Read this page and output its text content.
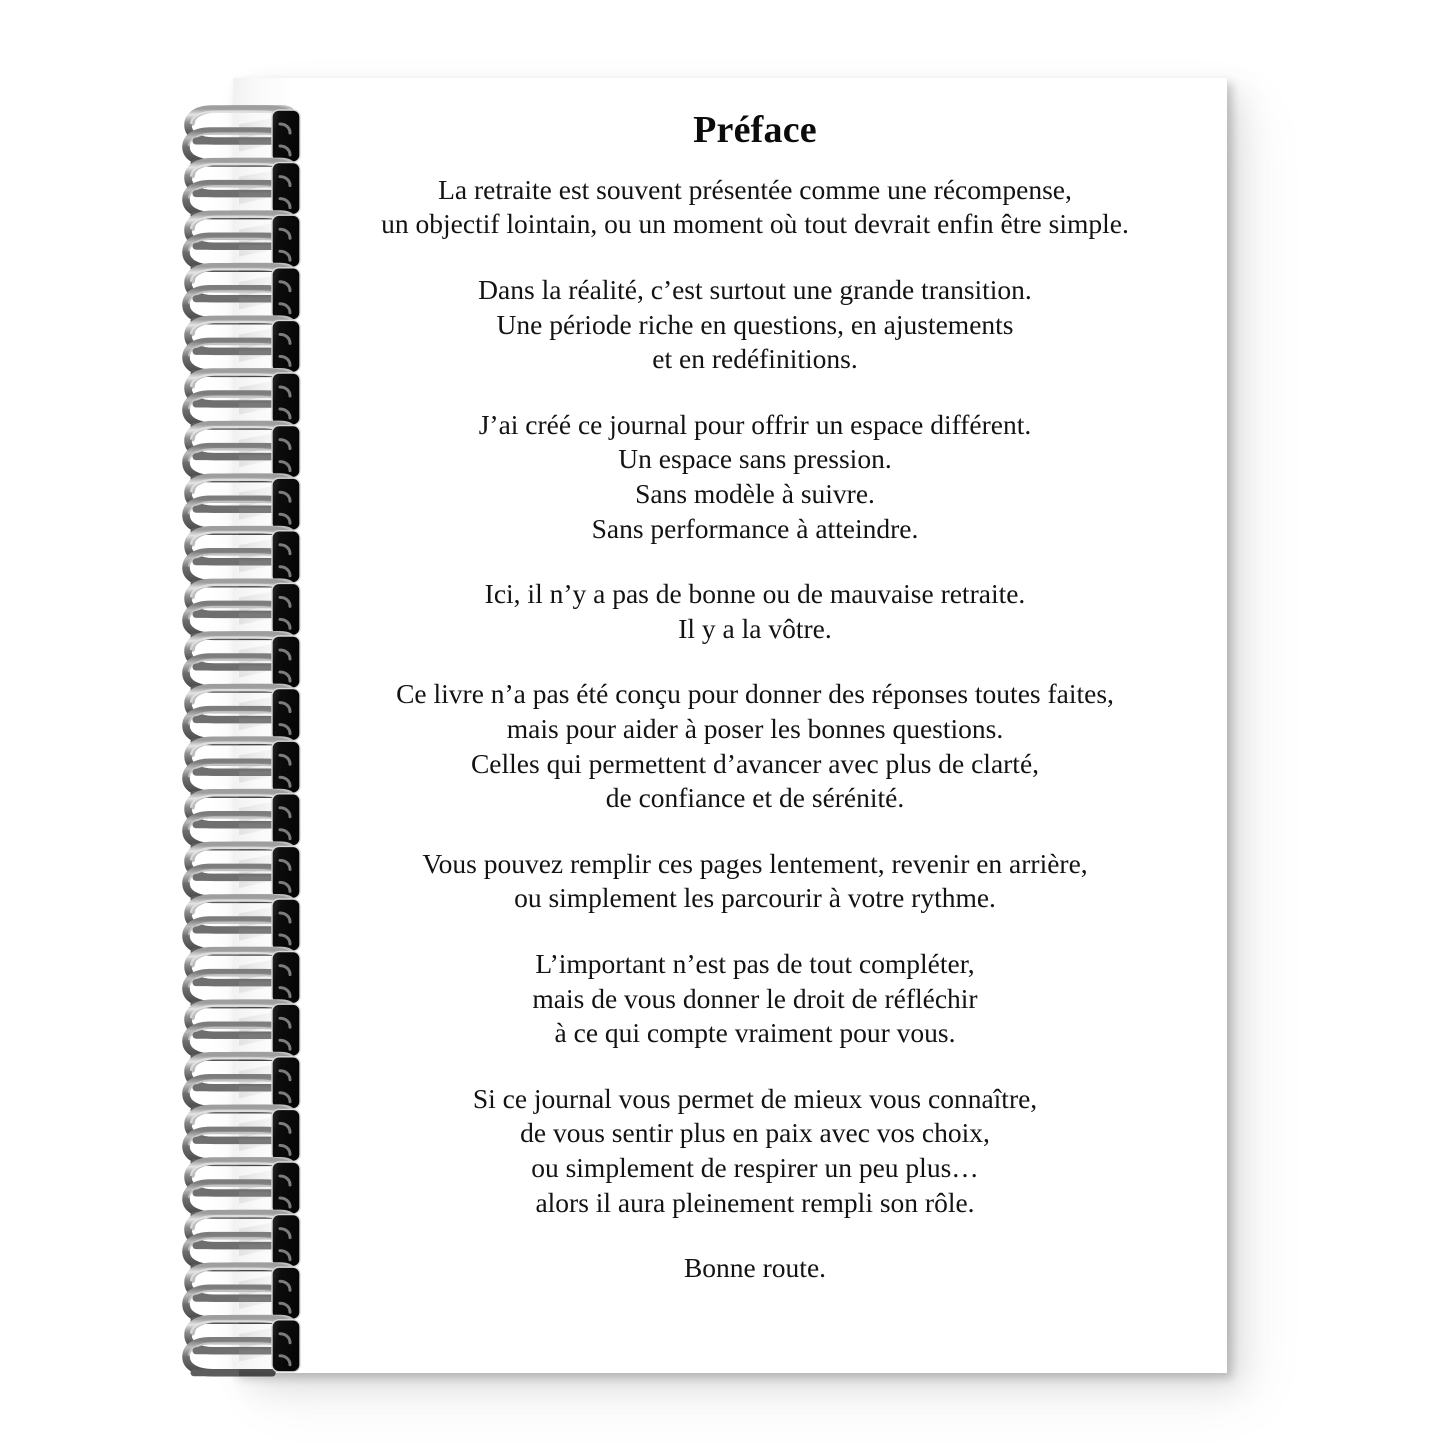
Préface
La retraite est souvent présentée comme une récompense,
un objectif lointain, ou un moment où tout devrait enfin être simple.
Dans la réalité, c’est surtout une grande transition.
Une période riche en questions, en ajustements
et en redéfinitions.
J’ai créé ce journal pour offrir un espace différent.
Un espace sans pression.
Sans modèle à suivre.
Sans performance à atteindre.
Ici, il n’y a pas de bonne ou de mauvaise retraite.
Il y a la vôtre.
Ce livre n’a pas été conçu pour donner des réponses toutes faites,
mais pour aider à poser les bonnes questions.
Celles qui permettent d’avancer avec plus de clarté,
de confiance et de sérénité.
Vous pouvez remplir ces pages lentement, revenir en arrière,
ou simplement les parcourir à votre rythme.
L’important n’est pas de tout compléter,
mais de vous donner le droit de réfléchir
à ce qui compte vraiment pour vous.
Si ce journal vous permet de mieux vous connaître,
de vous sentir plus en paix avec vos choix,
ou simplement de respirer un peu plus…
alors il aura pleinement rempli son rôle.
Bonne route.
